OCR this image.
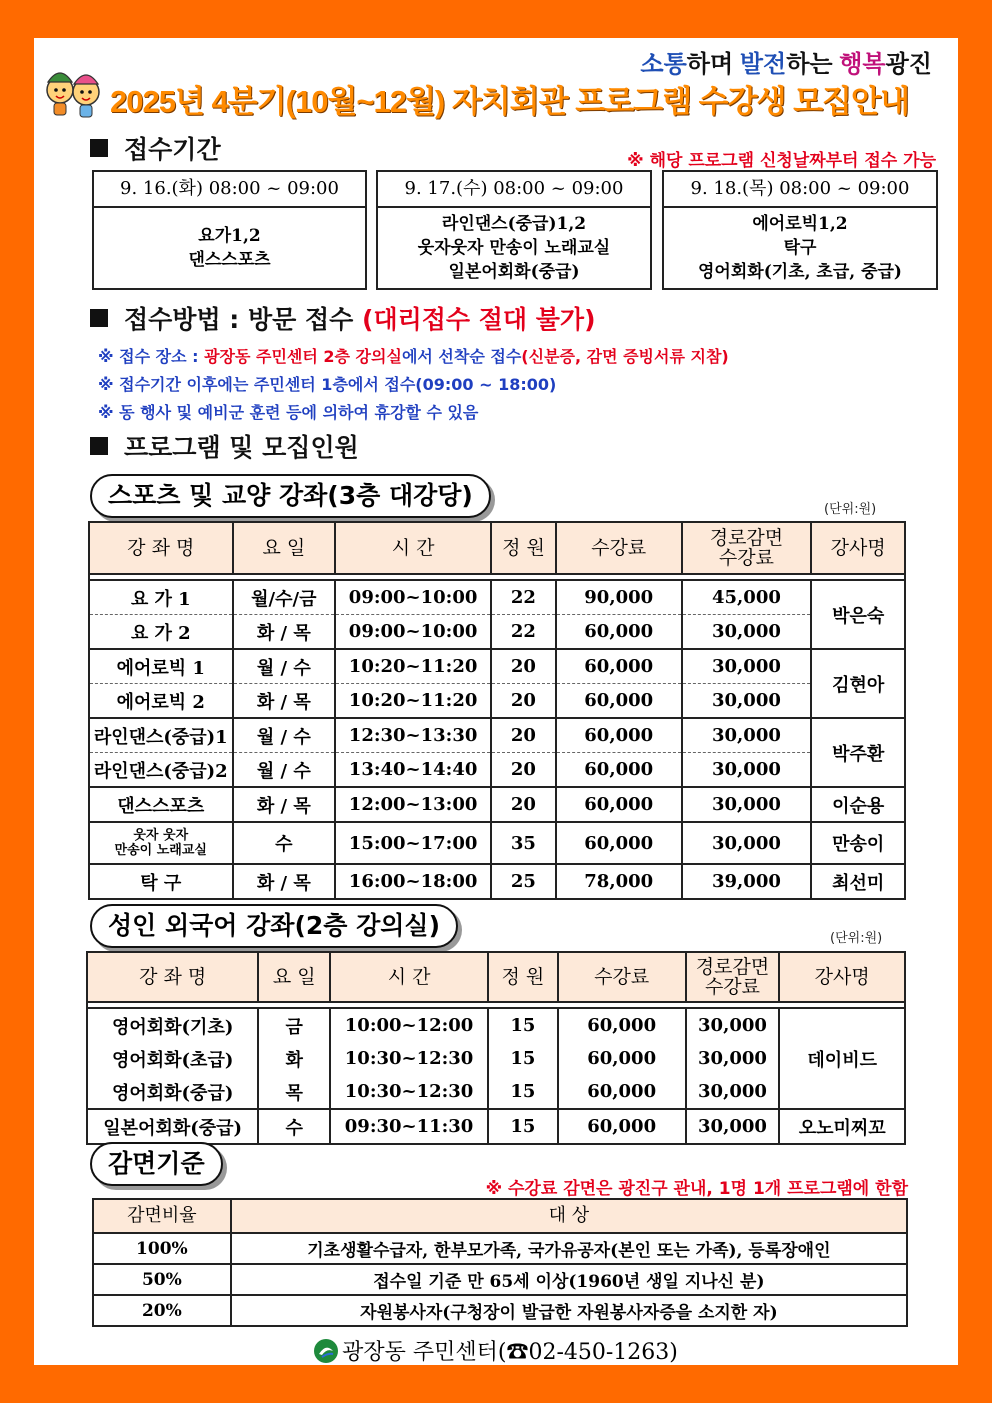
소통하며 발전하는 행복광진
2025년 4분기(10월~12월) 자치회관 프로그램 수강생 모집안내
접수기간	※ 해당 프로그램 신청날짜부터 접수 가능
9. 16.(화) 08:00 ~ 09:00
요가1,2
댄스스포츠
9. 17.(수) 08:00 ~ 09:00
라인댄스(중급)1,2
웃자웃자 만송이 노래교실
일본어회화(중급)
9. 18.(목) 08:00 ~ 09:00
에어로빅1,2
탁구
영어회화(기초, 초급, 중급)
접수방법 : 방문 접수 (대리접수 절대 불가)
※ 접수 장소 : 광장동 주민센터 2층 강의실에서 선착순 접수(신분증, 감면 증빙서류 지참)
※ 접수기간 이후에는 주민센터 1층에서 접수(09:00 ~ 18:00)
※ 동 행사 및 예비군 훈련 등에 의하여 휴강할 수 있음
프로그램 및 모집인원
스포츠 및 교양 강좌(3층 대강당)	(단위:원)
강 좌 명	요 일	시 간	정 원	수강료	경로감면
수강료	강사명

요 가 1	월/수/금	09:00~10:00	22	90,000	45,000	박은숙
요 가 2	화 / 목	09:00~10:00	22	60,000	30,000	
에어로빅 1	월 / 수	10:20~11:20	20	60,000	30,000	김현아
에어로빅 2	화 / 목	10:20~11:20	20	60,000	30,000	
라인댄스(중급)1	월 / 수	12:30~13:30	20	60,000	30,000	박주환
라인댄스(중급)2	월 / 수	13:40~14:40	20	60,000	30,000	
댄스스포츠	화 / 목	12:00~13:00	20	60,000	30,000	이순용
웃자 웃자
만송이 노래교실	수	15:00~17:00	35	60,000	30,000	만송이
탁 구	화 / 목	16:00~18:00	25	78,000	39,000	최선미
성인 외국어 강좌(2층 강의실)	(단위:원)
강 좌 명	요 일	시 간	정 원	수강료	경로감면
수강료	강사명

영어회화(기초)	금	10:00~12:00	15	60,000	30,000	데이비드
영어회화(초급)	화	10:30~12:30	15	60,000	30,000	
영어회화(중급)	목	10:30~12:30	15	60,000	30,000	
일본어회화(중급)	수	09:30~11:30	15	60,000	30,000	오노미찌꼬
감면기준
※ 수강료 감면은 광진구 관내, 1명 1개 프로그램에 한함
감면비율	대 상
100%	기초생활수급자, 한부모가족, 국가유공자(본인 또는 가족), 등록장애인
50%	접수일 기준 만 65세 이상(1960년 생일 지나신 분)
20%	자원봉사자(구청장이 발급한 자원봉사자증을 소지한 자)
광장동 주민센터(☎02-450-1263)
